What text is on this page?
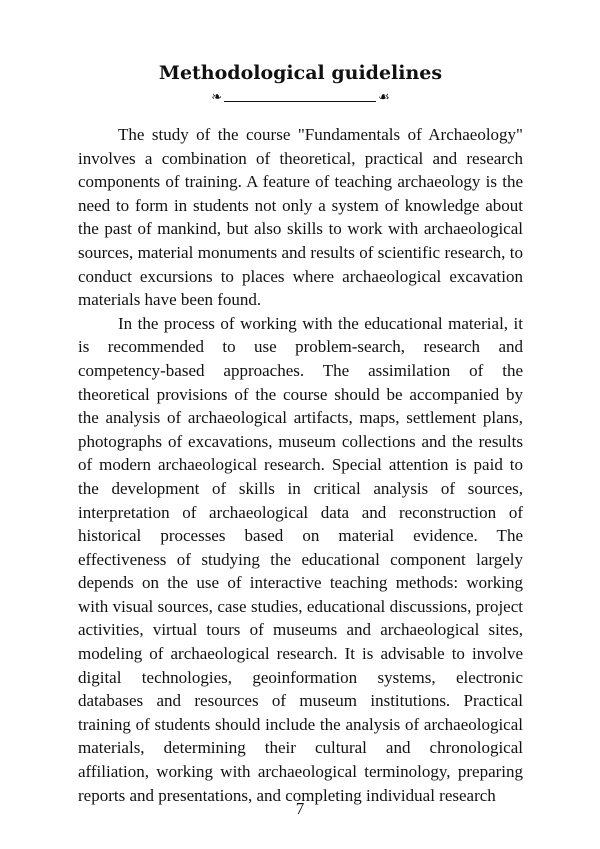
Methodological guidelines
❧	☙

The study of the course "Fundamentals of Archaeology" involves a combination of theoretical, practical and research components of training. A feature of teaching archaeology is the need to form in students not only a system of knowledge about the past of mankind, but also skills to work with archaeological sources, material monuments and results of scientific research, to conduct excursions to places where archaeological excavation materials have been found.

In the process of working with the educational material, it is recommended to use problem-search, research and competency-based approaches. The assimilation of the theoretical provisions of the course should be accompanied by the analysis of archaeological artifacts, maps, settlement plans, photographs of excavations, museum collections and the results of modern archaeological research. Special attention is paid to the development of skills in critical analysis of sources, interpretation of archaeological data and reconstruction of historical processes based on material evidence. The effectiveness of studying the educational component largely depends on the use of interactive teaching methods: working with visual sources, case studies, educational discussions, project activities, virtual tours of museums and archaeological sites, modeling of archaeological research. It is advisable to involve digital technologies, geoinformation systems, electronic databases and resources of museum institutions. Practical training of students should include the analysis of archaeological materials, determining their cultural and chronological affiliation, working with archaeological terminology, preparing reports and presentations, and completing individual research

7
